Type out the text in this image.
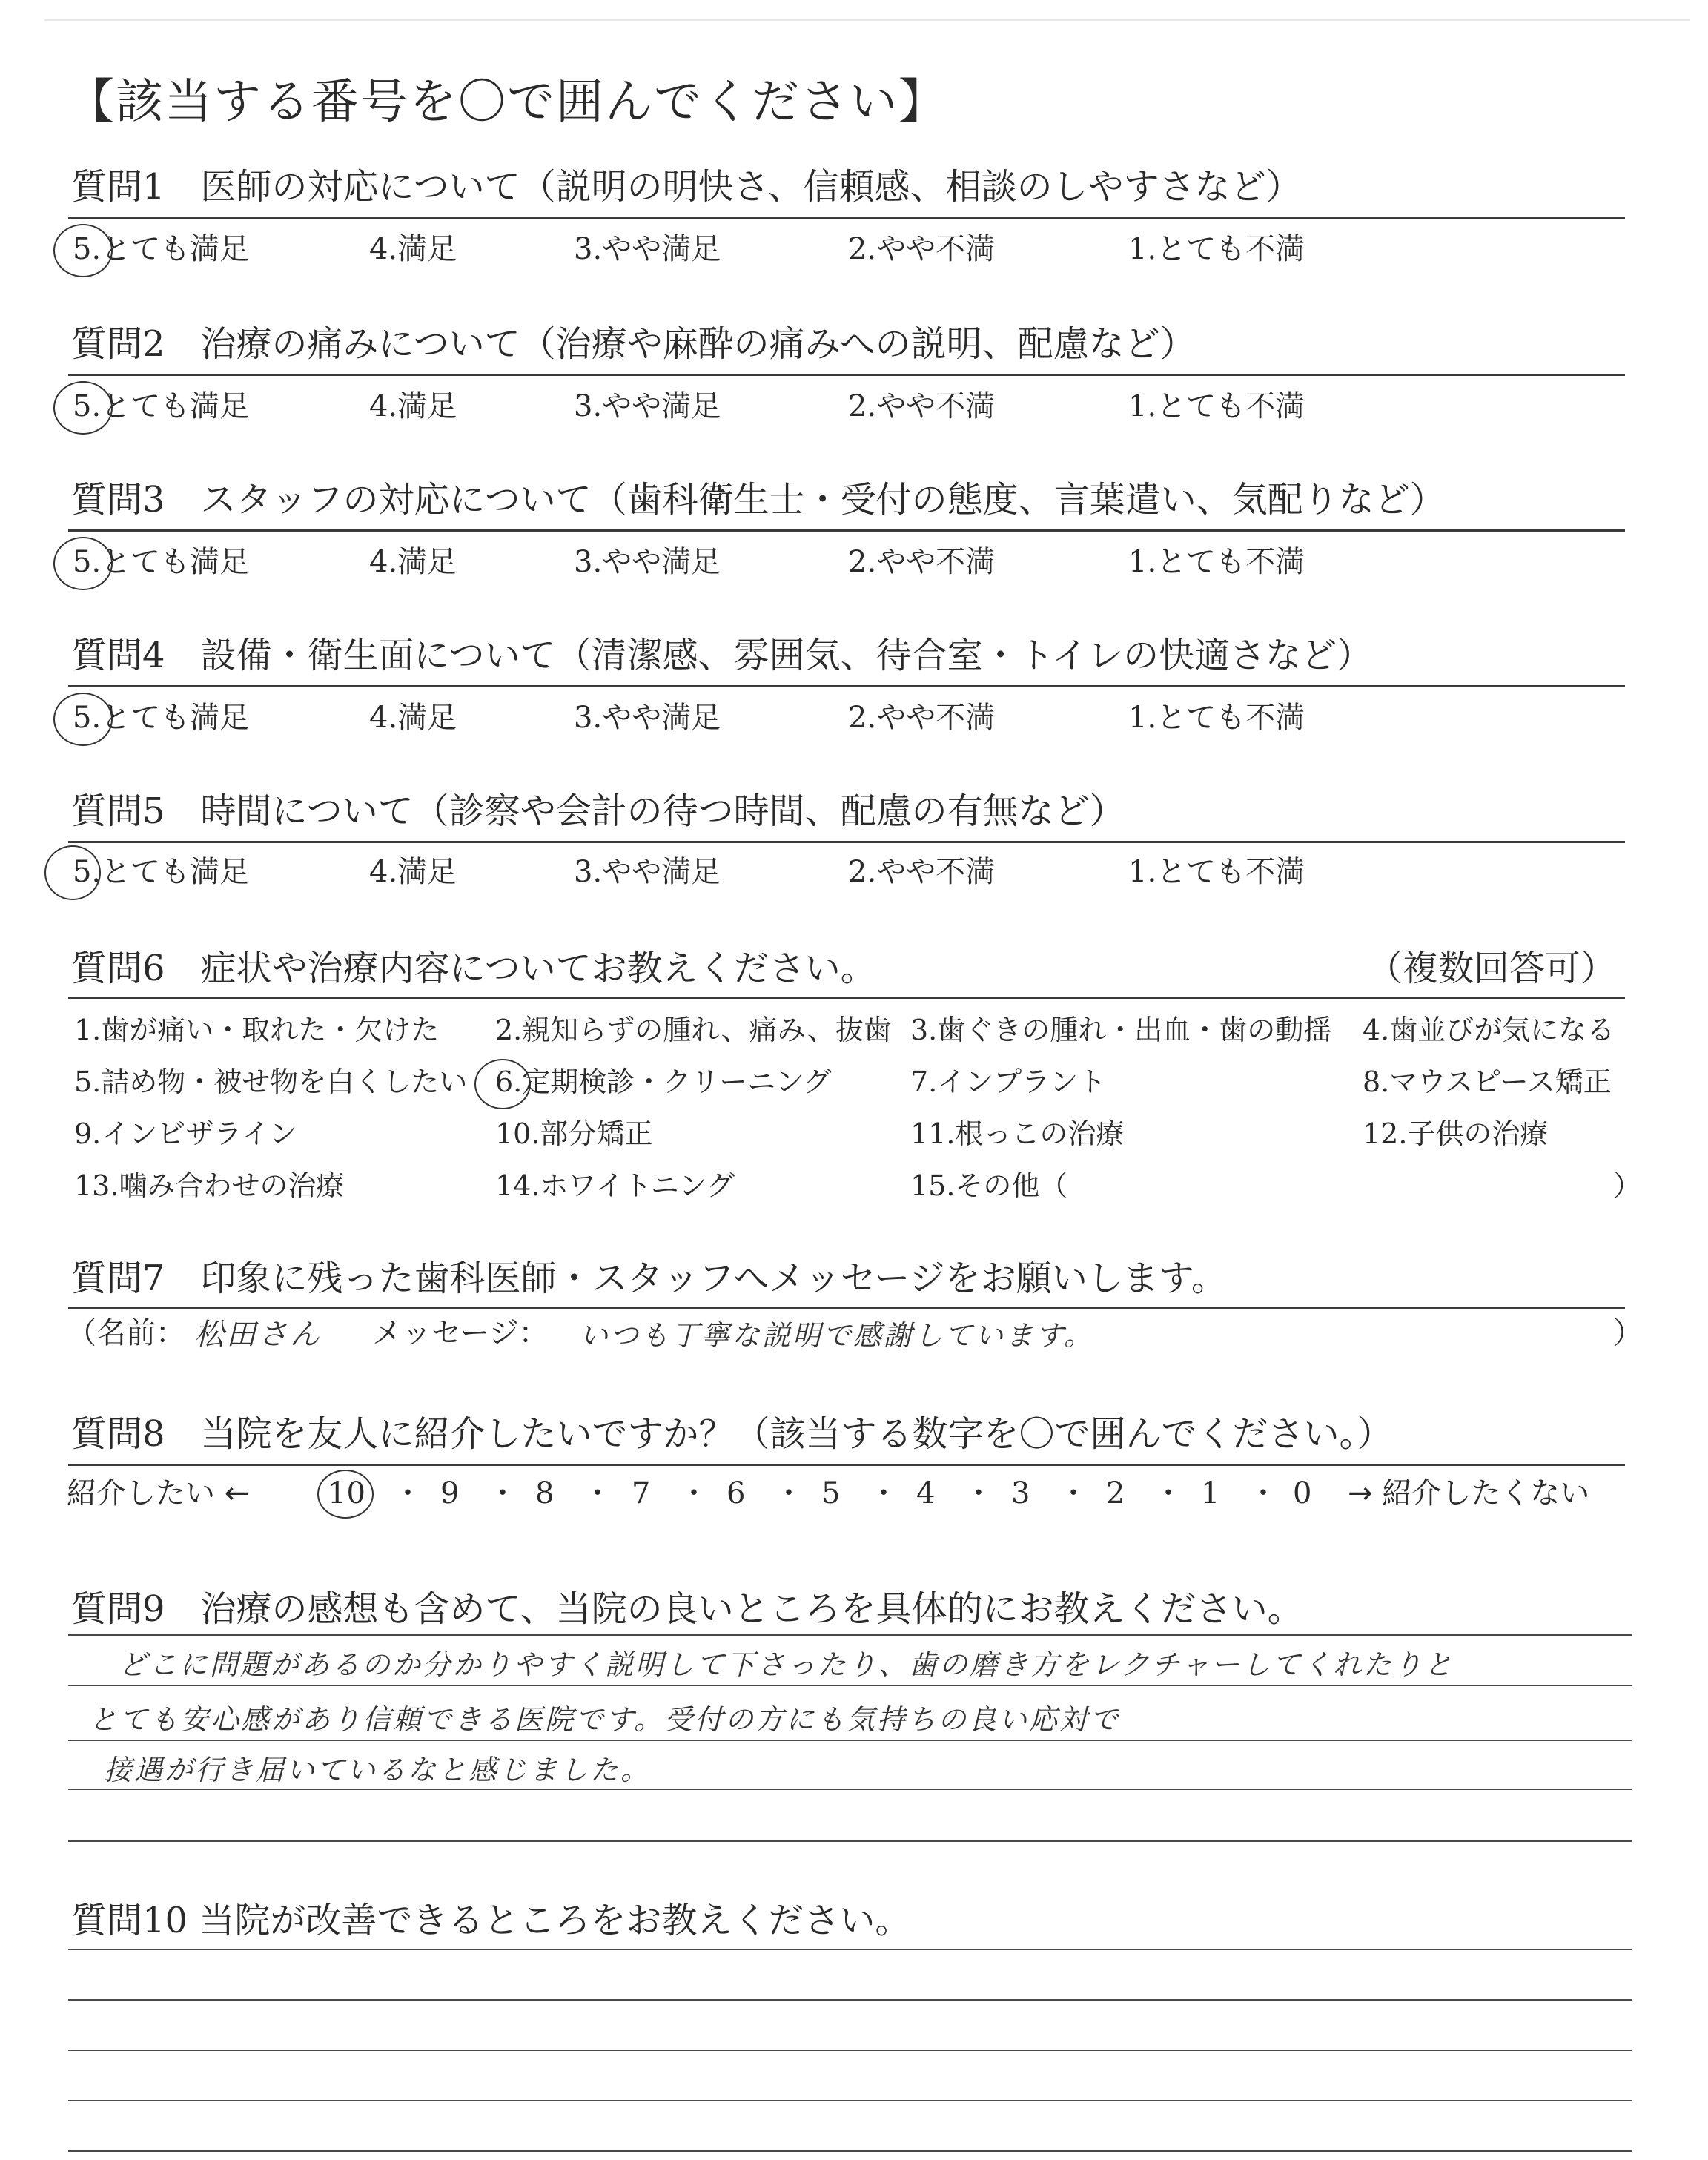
【該当する番号を〇で囲んでください】
質問1　医師の対応について（説明の明快さ、信頼感、相談のしやすさなど）
5.とても満足	4.満足	3.やや満足	2.やや不満	1.とても不満
質問2　治療の痛みについて（治療や麻酔の痛みへの説明、配慮など）
5.とても満足	4.満足	3.やや満足	2.やや不満	1.とても不満
質問3　スタッフの対応について（歯科衛生士・受付の態度、言葉遣い、気配りなど）
5.とても満足	4.満足	3.やや満足	2.やや不満	1.とても不満
質問4　設備・衛生面について（清潔感、雰囲気、待合室・トイレの快適さなど）
5.とても満足	4.満足	3.やや満足	2.やや不満	1.とても不満
質問5　時間について（診察や会計の待つ時間、配慮の有無など）
5.とても満足	4.満足	3.やや満足	2.やや不満	1.とても不満
質問6　症状や治療内容についてお教えください。	（複数回答可）
1.歯が痛い・取れた・欠けた 2.親知らずの腫れ、痛み、抜歯 3.歯ぐきの腫れ・出血・歯の動揺 4.歯並びが気になる
5.詰め物・被せ物を白くしたい 6.定期検診・クリーニング	7.インプラント	8.マウスピース矯正
9.インビザライン	10.部分矯正	11.根っこの治療	12.子供の治療
13.噛み合わせの治療	14.ホワイトニング	15.その他（	）
質問7　印象に残った歯科医師・スタッフへメッセージをお願いします。
（名前： 松田さん メッセージ： いつも丁寧な説明で感謝しています。	）
質問8　当院を友人に紹介したいですか？（該当する数字を〇で囲んでください。）
紹介したい ←	10 ・ 9 ・ 8 ・ 7 ・ 6 ・ 5 ・ 4 ・ 3 ・ 2 ・ 1 ・ 0 → 紹介したくない
質問9　治療の感想も含めて、当院の良いところを具体的にお教えください。
どこに問題があるのか分かりやすく説明して下さったり、歯の磨き方をレクチャーしてくれたりと
とても安心感があり信頼できる医院です。受付の方にも気持ちの良い応対で
接遇が行き届いているなと感じました。
質問10 当院が改善できるところをお教えください。
